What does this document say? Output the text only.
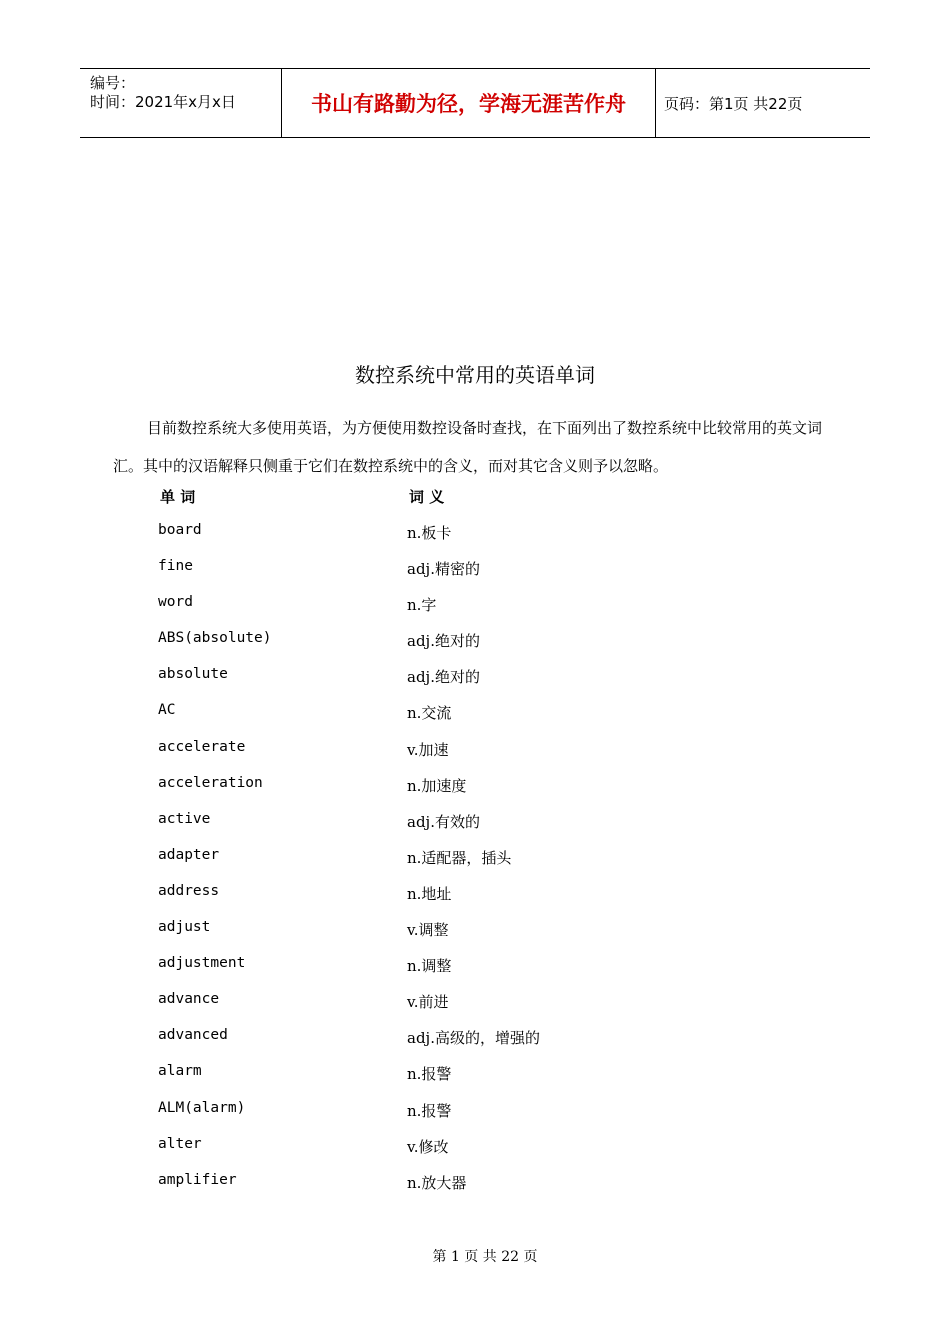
编号：
时间：2021年x月x日	书山有路勤为径，学海无涯苦作舟	页码：第1页 共22页
数控系统中常用的英语单词
目前数控系统大多使用英语，为方便使用数控设备时查找，在下面列出了数控系统中比较常用的英文词汇。其中的汉语解释只侧重于它们在数控系统中的含义，而对其它含义则予以忽略。
单 词	词 义
board	n.板卡
fine	adj.精密的
word	n.字
ABS(absolute)	adj.绝对的
absolute	adj.绝对的
AC	n.交流
accelerate	v.加速
acceleration	n.加速度
active	adj.有效的
adapter	n.适配器，插头
address	n.地址
adjust	v.调整
adjustment	n.调整
advance	v.前进
advanced	adj.高级的，增强的
alarm	n.报警
ALM(alarm)	n.报警
alter	v.修改
amplifier	n.放大器
第 1 页 共 22 页
